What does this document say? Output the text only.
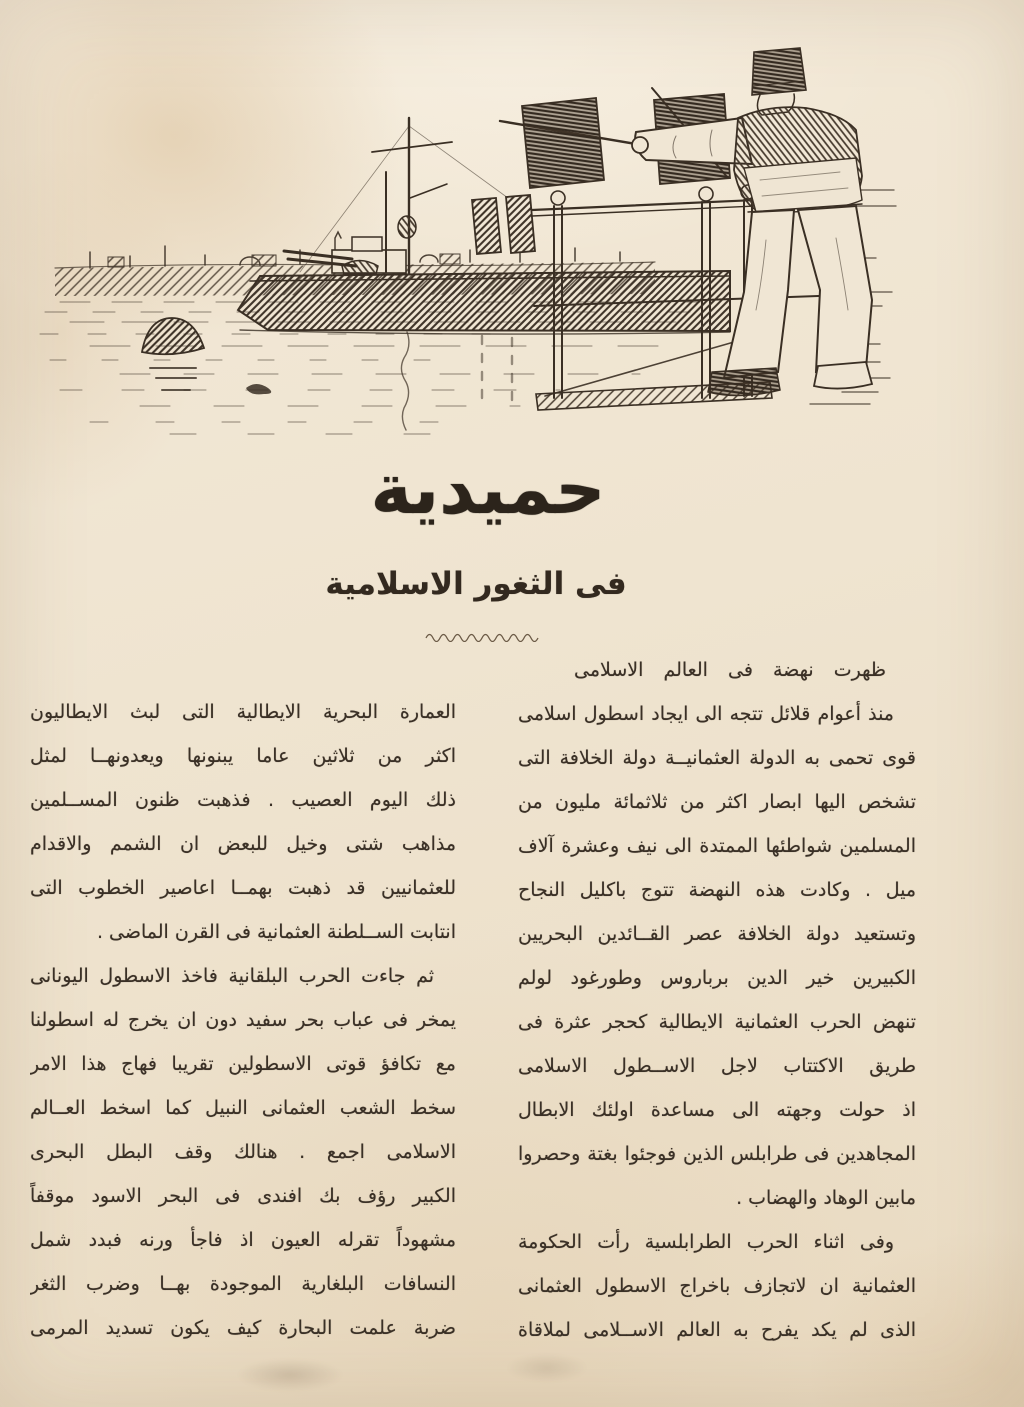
حميدية
فى الثغور الاسلامية
ظهرت نهضة فى العالم الاسلامى
منذ أعوام قلائل تتجه الى ايجاد اسطول اسلامى
قوى تحمى به الدولة العثمانيــة دولة الخلافة التى
تشخص اليها ابصار اكثر من ثلاثمائة مليون من
المسلمين شواطئها الممتدة الى نيف وعشرة آلاف
ميل . وكادت هذه النهضة تتوج باكليل النجاح
وتستعيد دولة الخلافة عصر القــائدين البحريين
الكبيرين خير الدين برباروس وطورغود لولم
تنهض الحرب العثمانية الايطالية كحجر عثرة فى
طريق الاكتتاب لاجل الاســطول الاسلامى
اذ حولت وجهته الى مساعدة اولئك الابطال
المجاهدين فى طرابلس الذين فوجئوا بغتة وحصروا
مابين الوهاد والهضاب .
وفى اثناء الحرب الطرابلسية رأت الحكومة
العثمانية ان لاتجازف باخراج الاسطول العثمانى
الذى لم يكد يفرح به العالم الاســلامى لملاقاة
العمارة البحرية الايطالية التى لبث الايطاليون
اكثر من ثلاثين عاما يبنونها ويعدونهــا لمثل
ذلك اليوم العصيب . فذهبت ظنون المســلمين
مذاهب شتى وخيل للبعض ان الشمم والاقدام
للعثمانيين قد ذهبت بهمــا اعاصير الخطوب التى
انتابت الســلطنة العثمانية فى القرن الماضى .
ثم جاءت الحرب البلقانية فاخذ الاسطول اليونانى
يمخر فى عباب بحر سفيد دون ان يخرج له اسطولنا
مع تكافؤ قوتى الاسطولين تقريبا فهاج هذا الامر
سخط الشعب العثمانى النبيل كما اسخط العــالم
الاسلامى اجمع . هنالك وقف البطل البحرى
الكبير رؤف بك افندى فى البحر الاسود موقفاً
مشهوداً تقرله العيون اذ فاجأ ورنه فبدد شمل
النسافات البلغارية الموجودة بهــا وضرب الثغر
ضربة علمت البحارة كيف يكون تسديد المرمى
